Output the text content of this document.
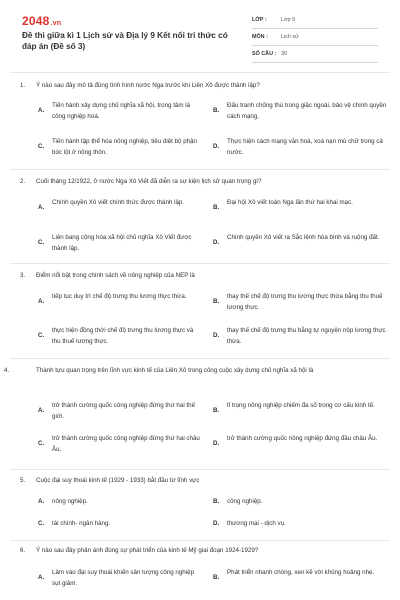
2048.vn
Đề thi giữa kì 1 Lịch sử và Địa lý 9 Kết nối tri thức có đáp án (Đề số 3)
LỚP :	Lớp 9
MÔN :	Lịch sử
SỐ CÂU : 30
1. Ý nào sau đây mô tả đúng tình hình nước Nga trước khi Liên Xô được thành lập?
A.
Tiến hành xây dựng chủ nghĩa xã hội, trong tâm là công nghiệp hoá.
B.
Đấu tranh chống thù trong giặc ngoài, bảo vệ chính quyền cách mạng.
C.
Tiến hành tập thể hóa nông nghiệp, tiêu diệt bộ phận bóc lột ở nông thôn.
D.
Thực hiện cách mạng văn hoá, xoá nạn mù chữ trong cả nước.
2. Cuối tháng 12/1922, ở nước Nga Xô Viết đã diễn ra sự kiện lịch sử quan trọng gì?
A.
Chính quyền Xô viết chính thức được thành lập.
B.
Đại hội Xô viết toàn Nga lần thứ hai khai mạc.
C.
Liên bang cộng hòa xã hội chủ nghĩa Xô Viết được thành lập.
D.
Chính quyền Xô viết ra Sắc lệnh hòa bình và ruộng đất.
3. Điểm nổi bật trong chính sách về nông nghiệp của NEP là
A.
tiếp tục duy trì chế độ trưng thu lương thực thừa.
B.
thay thế chế độ trưng thu lương thực thừa bằng thu thuế lương thực.
C.
thực hiện đồng thời chế độ trưng thu lương thực và thu thuế lương thực.
D.
thay thế chế độ trưng thu bằng tự nguyện nộp lương thực thừa.
4.	Thành tựu quan trọng trên lĩnh vực kinh tế của Liên Xô trong công cuộc xây dựng chủ nghĩa xã hội là
A.
trở thành cường quốc công nghiệp đứng thứ hai thế giới.
B.
tỉ trọng nông nghiệp chiếm đa số trong cơ cấu kinh tế.
C.
trở thành cường quốc công nghiệp đứng thứ hai châu Âu.
D.
trở thành cường quốc nông nghiệp đứng đầu châu Âu.
5. Cuộc đại suy thoái kinh tế (1929 - 1933) bắt đầu từ lĩnh vực
A. nông nghiệp.	B. công nghiệp.
C. tài chính- ngân hàng.	D. thương mại - dịch vụ.
6. Ý nào sau đây phản ánh đúng sự phát triển của kinh tế Mỹ giai đoạn 1924-1929?
A.
Lâm vào đại suy thoái khiến sản lượng công nghiệp sụt giảm.
B.
Phát triển nhanh chóng, xen kẽ với khủng hoảng nhẹ.
